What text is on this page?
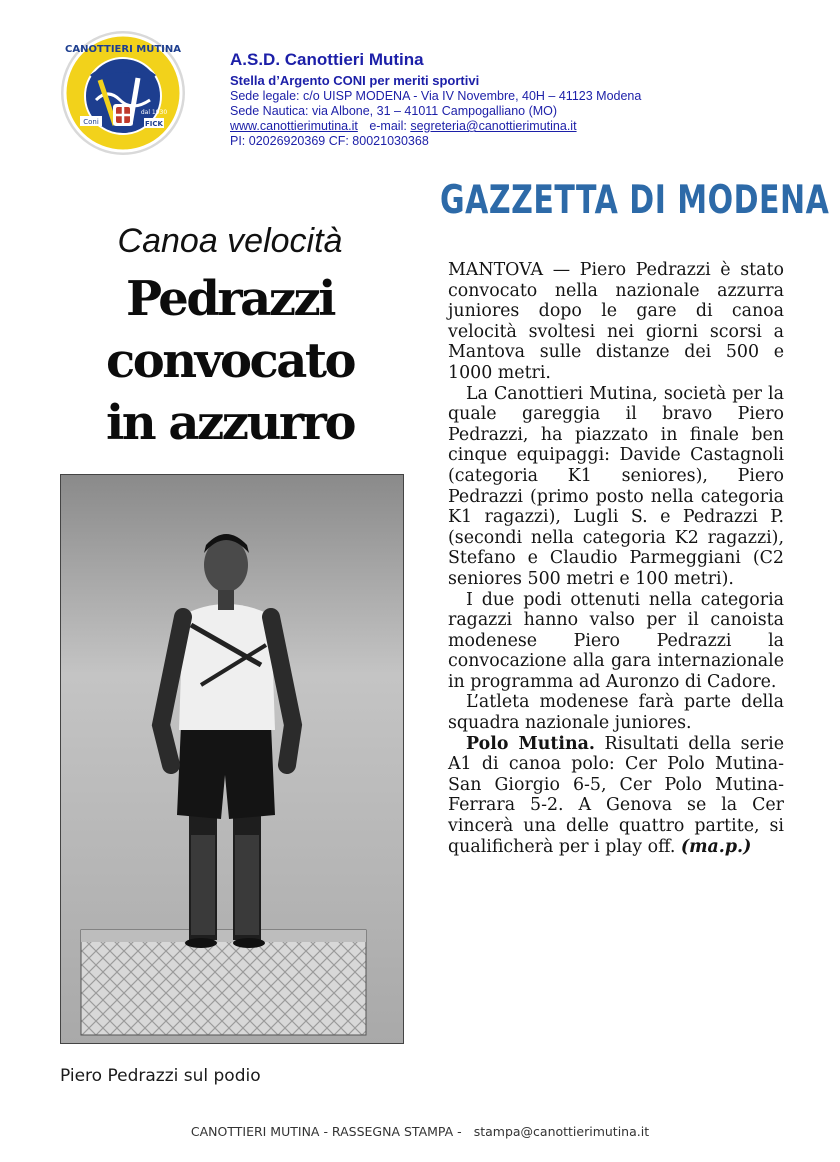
CANOTTIERI MUTINA
Coni	FICK
dal 1930
A.S.D. Canottieri Mutina
Stella d’Argento CONI per meriti sportivi
Sede legale: c/o UISP MODENA - Via IV Novembre, 40H – 41123 Modena
Sede Nautica: via Albone, 31 – 41011 Campogalliano (MO)
www.canottierimutina.it e-mail: segreteria@canottierimutina.it
PI: 02026920369 CF: 80021030368
GAZZETTA DI MODENA
Canoa velocità
Pedrazzi
convocato
in azzurro
Piero Pedrazzi sul podio

MANTOVA — Piero Pedrazzi è stato convocato nella nazionale azzurra juniores dopo le gare di canoa velocità svoltesi nei giorni scorsi a Mantova sulle distanze dei 500 e 1000 metri.

La Canottieri Mutina, società per la quale gareggia il bravo Piero Pedrazzi, ha piazzato in finale ben cinque equipaggi: Davide Castagnoli (categoria K1 seniores), Piero Pedrazzi (primo posto nella categoria K1 ragazzi), Lugli S. e Pedrazzi P. (secondi nella categoria K2 ragazzi), Stefano e Claudio Parmeggiani (C2 seniores 500 metri e 100 metri).

I due podi ottenuti nella categoria ragazzi hanno valso per il canoista modenese Piero Pedrazzi la convocazione alla gara internazionale in programma ad Auronzo di Cadore.

L’atleta modenese farà parte della squadra nazionale juniores.

Polo Mutina. Risultati della serie A1 di canoa polo: Cer Polo Mutina-San Giorgio 6-5, Cer Polo Mutina-Ferrara 5-2. A Genova se la Cer vincerà una delle quattro partite, si qualificherà per i play off. (ma.p.)

CANOTTIERI MUTINA - RASSEGNA STAMPA - stampa@canottierimutina.it
